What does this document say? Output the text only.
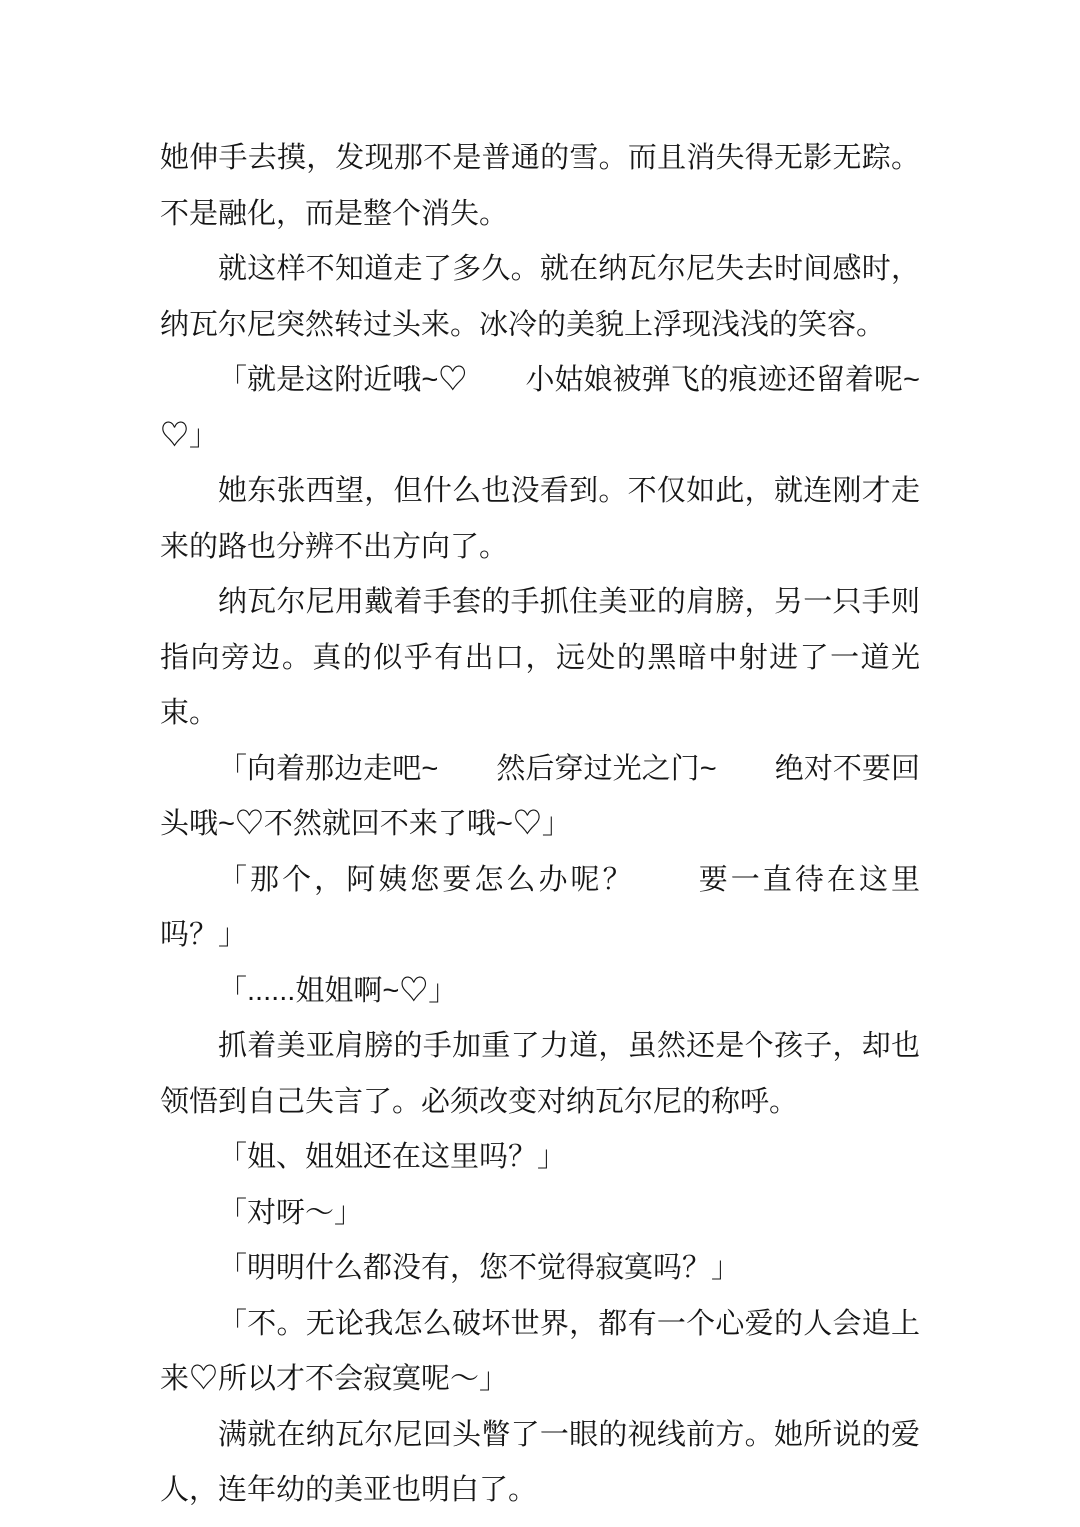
她伸手去摸，发现那不是普通的雪。而且消失得无影无踪。不是融化，而是整个消失。

就这样不知道走了多久。就在纳瓦尔尼失去时间感时，纳瓦尔尼突然转过头来。冰冷的美貌上浮现浅浅的笑容。

「就是这附近哦~♡　　小姑娘被弹飞的痕迹还留着呢~♡」

她东张西望，但什么也没看到。不仅如此，就连刚才走来的路也分辨不出方向了。

纳瓦尔尼用戴着手套的手抓住美亚的肩膀，另一只手则指向旁边。真的似乎有出口，远处的黑暗中射进了一道光束。

「向着那边走吧~　　然后穿过光之门~　　绝对不要回头哦~♡不然就回不来了哦~♡」

「那个，阿姨您要怎么办呢？　　要一直待在这里吗？」

「......姐姐啊~♡」

抓着美亚肩膀的手加重了力道，虽然还是个孩子，却也领悟到自己失言了。必须改变对纳瓦尔尼的称呼。

「姐、姐姐还在这里吗？」

「对呀～」

「明明什么都没有，您不觉得寂寞吗？」

「不。无论我怎么破坏世界，都有一个心爱的人会追上来♡所以才不会寂寞呢～」

满就在纳瓦尔尼回头瞥了一眼的视线前方。她所说的爱人，连年幼的美亚也明白了。
